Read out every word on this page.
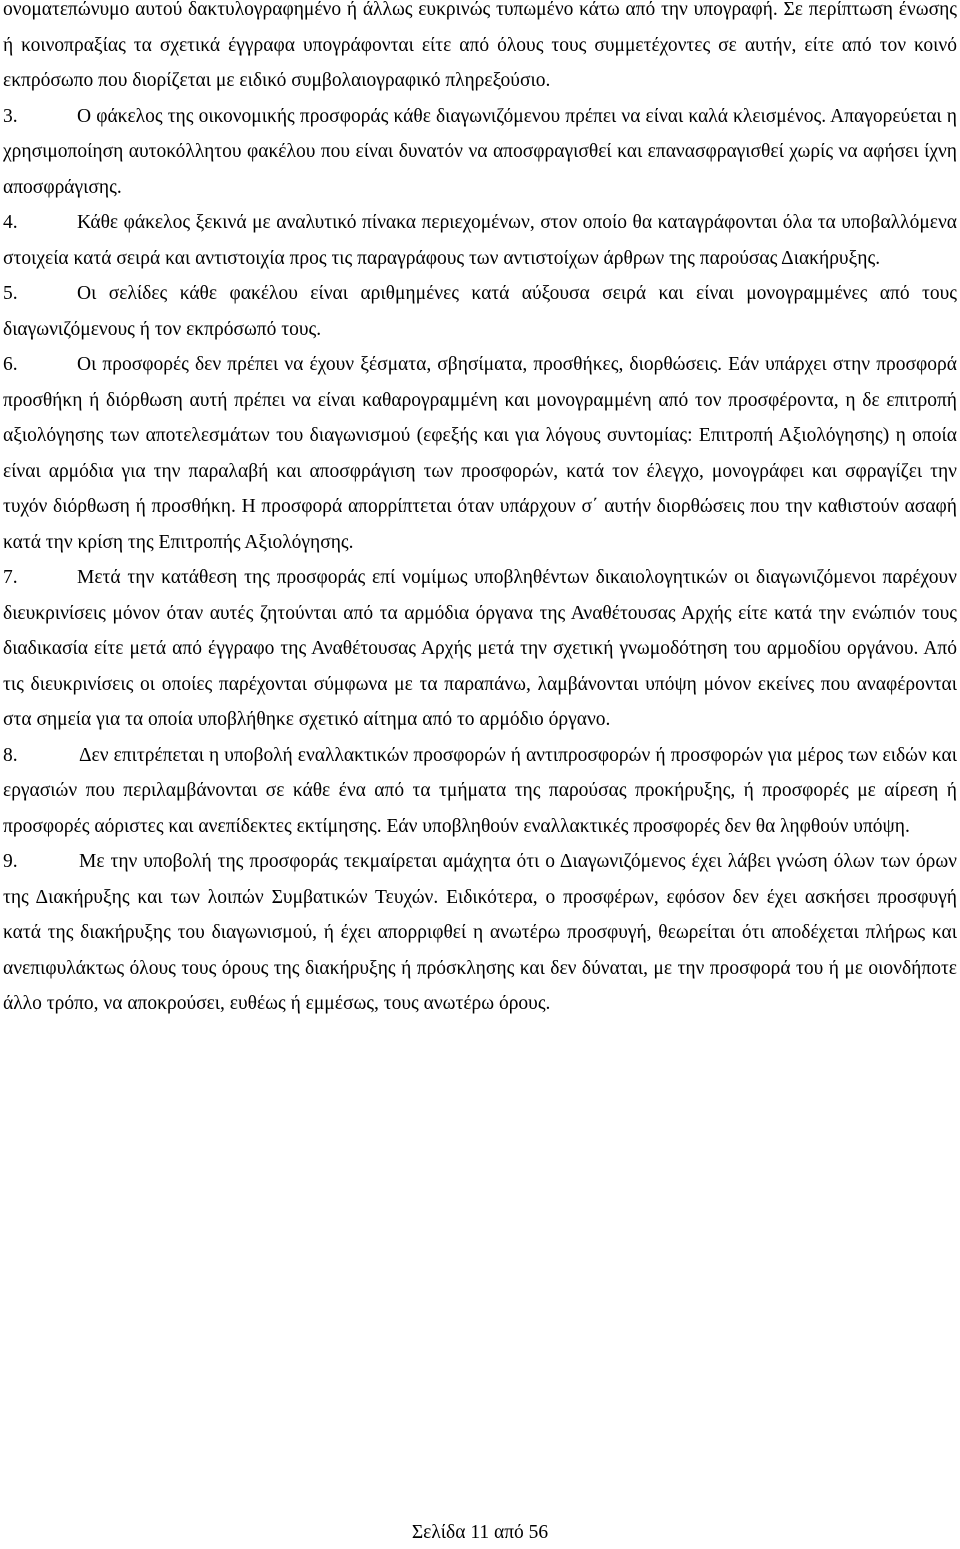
ονοματεπώνυμο αυτού δακτυλογραφημένο ή άλλως ευκρινώς τυπωμένο κάτω από την υπογραφή. Σε περίπτωση ένωσης ή κοινοπραξίας τα σχετικά έγγραφα υπογράφονται είτε από όλους τους συμμετέχοντες σε αυτήν, είτε από τον κοινό εκπρόσωπο που διορίζεται με ειδικό συμβολαιογραφικό πληρεξούσιο.

3.	Ο φάκελος της οικονομικής προσφοράς κάθε διαγωνιζόμενου πρέπει να είναι καλά κλεισμένος. Απαγορεύεται η χρησιμοποίηση αυτοκόλλητου φακέλου που είναι δυνατόν να αποσφραγισθεί και επανασφραγισθεί χωρίς να αφήσει ίχνη αποσφράγισης.

4.	Κάθε φάκελος ξεκινά με αναλυτικό πίνακα περιεχομένων, στον οποίο θα καταγράφονται όλα τα υποβαλλόμενα στοιχεία κατά σειρά και αντιστοιχία προς τις παραγράφους των αντιστοίχων άρθρων της παρούσας Διακήρυξης.

5.	Οι σελίδες κάθε φακέλου είναι αριθμημένες κατά αύξουσα σειρά και είναι μονογραμμένες από τους διαγωνιζόμενους ή τον εκπρόσωπό τους.

6.	Οι προσφορές δεν πρέπει να έχουν ξέσματα, σβησίματα, προσθήκες, διορθώσεις. Εάν υπάρχει στην προσφορά προσθήκη ή διόρθωση αυτή πρέπει να είναι καθαρογραμμένη και μονογραμμένη από τον προσφέροντα, η δε επιτροπή αξιολόγησης των αποτελεσμάτων του διαγωνισμού (εφεξής και για λόγους συντομίας: Επιτροπή Αξιολόγησης) η οποία είναι αρμόδια για την παραλαβή και αποσφράγιση των προσφορών, κατά τον έλεγχο, μονογράφει και σφραγίζει την τυχόν διόρθωση ή προσθήκη. Η προσφορά απορρίπτεται όταν υπάρχουν σ΄ αυτήν διορθώσεις που την καθιστούν ασαφή κατά την κρίση της Επιτροπής Αξιολόγησης.

7.	Μετά την κατάθεση της προσφοράς επί νομίμως υποβληθέντων δικαιολογητικών οι διαγωνιζόμενοι παρέχουν διευκρινίσεις μόνον όταν αυτές ζητούνται από τα αρμόδια όργανα της Αναθέτουσας Αρχής είτε κατά την ενώπιόν τους διαδικασία είτε μετά από έγγραφο της Αναθέτουσας Αρχής μετά την σχετική γνωμοδότηση του αρμοδίου οργάνου. Από τις διευκρινίσεις οι οποίες παρέχονται σύμφωνα με τα παραπάνω, λαμβάνονται υπόψη μόνον εκείνες που αναφέρονται στα σημεία για τα οποία υποβλήθηκε σχετικό αίτημα από το αρμόδιο όργανο.

8.	Δεν επιτρέπεται η υποβολή εναλλακτικών προσφορών ή αντιπροσφορών ή προσφορών για μέρος των ειδών και εργασιών που περιλαμβάνονται σε κάθε ένα από τα τμήματα της παρούσας προκήρυξης, ή προσφορές με αίρεση ή προσφορές αόριστες και ανεπίδεκτες εκτίμησης. Εάν υποβληθούν εναλλακτικές προσφορές δεν θα ληφθούν υπόψη.

9.	Με την υποβολή της προσφοράς τεκμαίρεται αμάχητα ότι ο Διαγωνιζόμενος έχει λάβει γνώση όλων των όρων της Διακήρυξης και των λοιπών Συμβατικών Τευχών. Ειδικότερα, ο προσφέρων, εφόσον δεν έχει ασκήσει προσφυγή κατά της διακήρυξης του διαγωνισμού, ή έχει απορριφθεί η ανωτέρω προσφυγή, θεωρείται ότι αποδέχεται πλήρως και ανεπιφυλάκτως όλους τους όρους της διακήρυξης ή πρόσκλησης και δεν δύναται, με την προσφορά του ή με οιονδήποτε άλλο τρόπο, να αποκρούσει, ευθέως ή εμμέσως, τους ανωτέρω όρους.

Σελίδα 11 από 56
